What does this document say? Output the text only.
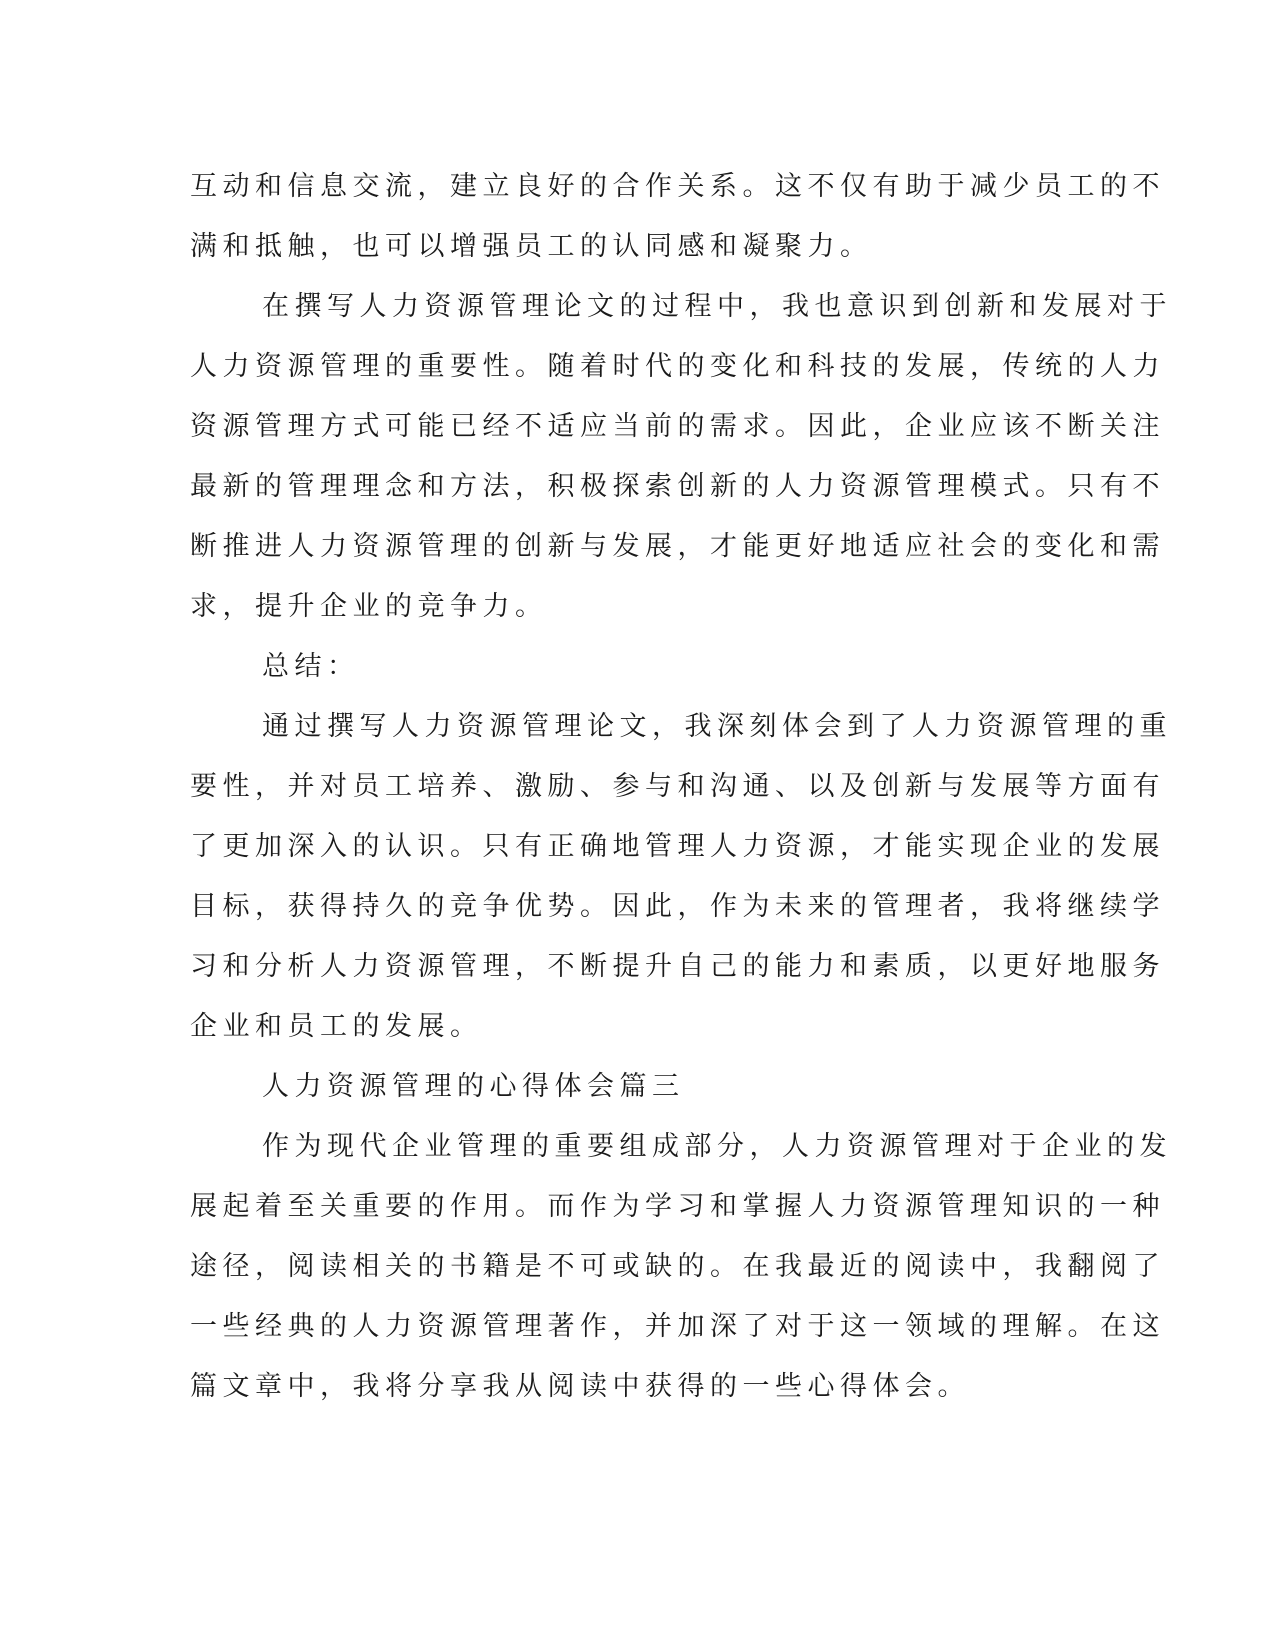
互动和信息交流，建立良好的合作关系。这不仅有助于减少员工的不
满和抵触，也可以增强员工的认同感和凝聚力。
在撰写人力资源管理论文的过程中，我也意识到创新和发展对于
人力资源管理的重要性。随着时代的变化和科技的发展，传统的人力
资源管理方式可能已经不适应当前的需求。因此，企业应该不断关注
最新的管理理念和方法，积极探索创新的人力资源管理模式。只有不
断推进人力资源管理的创新与发展，才能更好地适应社会的变化和需
求，提升企业的竞争力。
总结：
通过撰写人力资源管理论文，我深刻体会到了人力资源管理的重
要性，并对员工培养、激励、参与和沟通、以及创新与发展等方面有
了更加深入的认识。只有正确地管理人力资源，才能实现企业的发展
目标，获得持久的竞争优势。因此，作为未来的管理者，我将继续学
习和分析人力资源管理，不断提升自己的能力和素质，以更好地服务
企业和员工的发展。
人力资源管理的心得体会篇三
作为现代企业管理的重要组成部分，人力资源管理对于企业的发
展起着至关重要的作用。而作为学习和掌握人力资源管理知识的一种
途径，阅读相关的书籍是不可或缺的。在我最近的阅读中，我翻阅了
一些经典的人力资源管理著作，并加深了对于这一领域的理解。在这
篇文章中，我将分享我从阅读中获得的一些心得体会。
